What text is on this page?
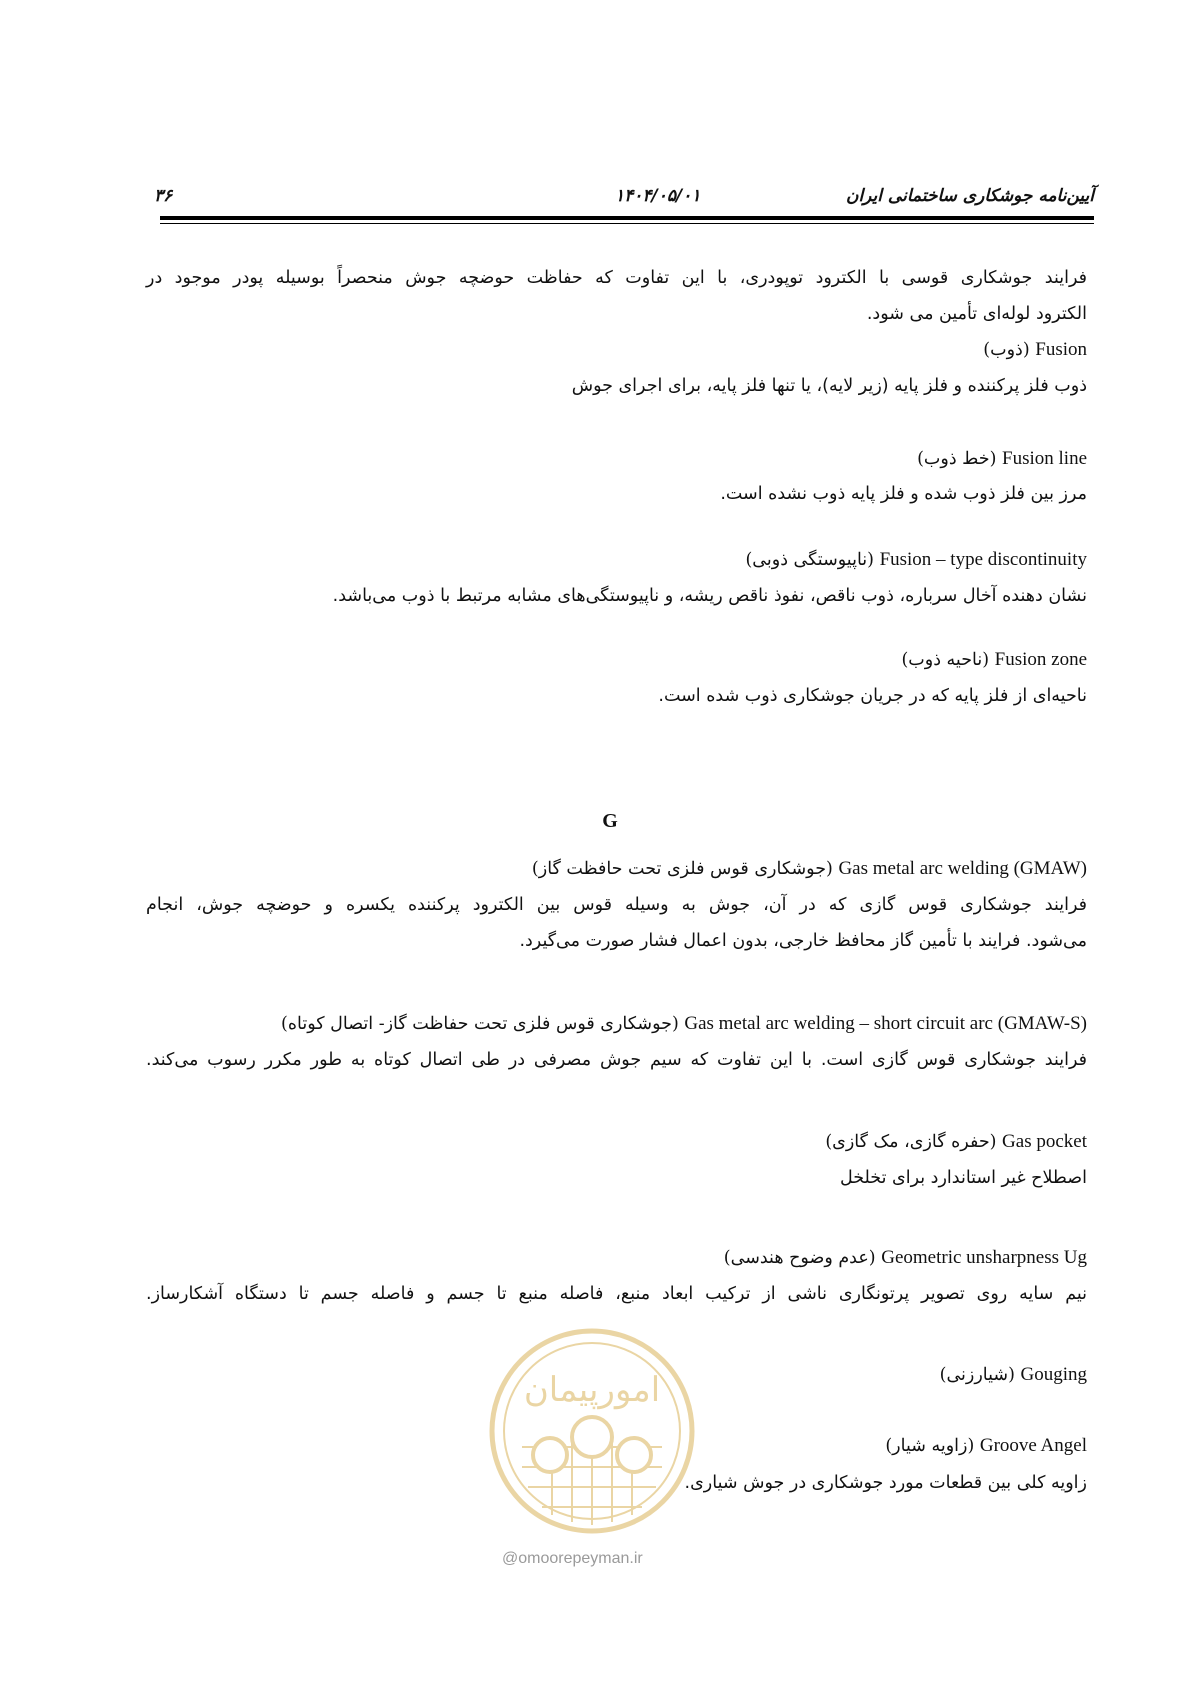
آیین‌نامه جوشکاری ساختمانی ایران
۱۴۰۴/۰۵/۰۱
۳۶
فرایند جوشکاری قوسی با الکترود توپودری، با این تفاوت که حفاظت حوضچه جوش منحصراً بوسیله پودر موجود در
الکترود لوله‌ای تأمین می شود.
Fusion (ذوب)
ذوب فلز پرکننده و فلز پایه (زیر لایه)، یا تنها فلز پایه، برای اجرای جوش
Fusion line (خط ذوب)
مرز بین فلز ذوب شده و فلز پایه ذوب نشده است.
Fusion – type discontinuity (ناپیوستگی ذوبی)
نشان دهنده آخال سرباره، ذوب ناقص، نفوذ ناقص ریشه، و ناپیوستگی‌های مشابه مرتبط با ذوب می‌باشد.
Fusion zone (ناحیه ذوب)
ناحیه‌ای از فلز پایه که در جریان جوشکاری ذوب شده است.
G
Gas metal arc welding (GMAW) (جوشکاری قوس فلزی تحت حافظت گاز)
فرایند جوشکاری قوس گازی که در آن، جوش به وسیله قوس بین الکترود پرکننده یکسره و حوضچه جوش، انجام
می‌شود. فرایند با تأمین گاز محافظ خارجی، بدون اعمال فشار صورت می‌گیرد.
Gas metal arc welding – short circuit arc (GMAW-S) (جوشکاری قوس فلزی تحت حفاظت گاز- اتصال کوتاه)
فرایند جوشکاری قوس گازی است. با این تفاوت که سیم جوش مصرفی در طی اتصال کوتاه به طور مکرر رسوب می‌کند.
Gas pocket (حفره گازی، مک گازی)
اصطلاح غیر استاندارد برای تخلخل
Geometric unsharpness Ug (عدم وضوح هندسی)
نیم سایه روی تصویر پرتونگاری ناشی از ترکیب ابعاد منبع، فاصله منبع تا جسم و فاصله جسم تا دستگاه آشکارساز.
Gouging (شیارزنی)
Groove Angel (زاویه شیار)
زاویه کلی بین قطعات مورد جوشکاری در جوش شیاری.
امورپیمان
@omoorepeyman.ir
